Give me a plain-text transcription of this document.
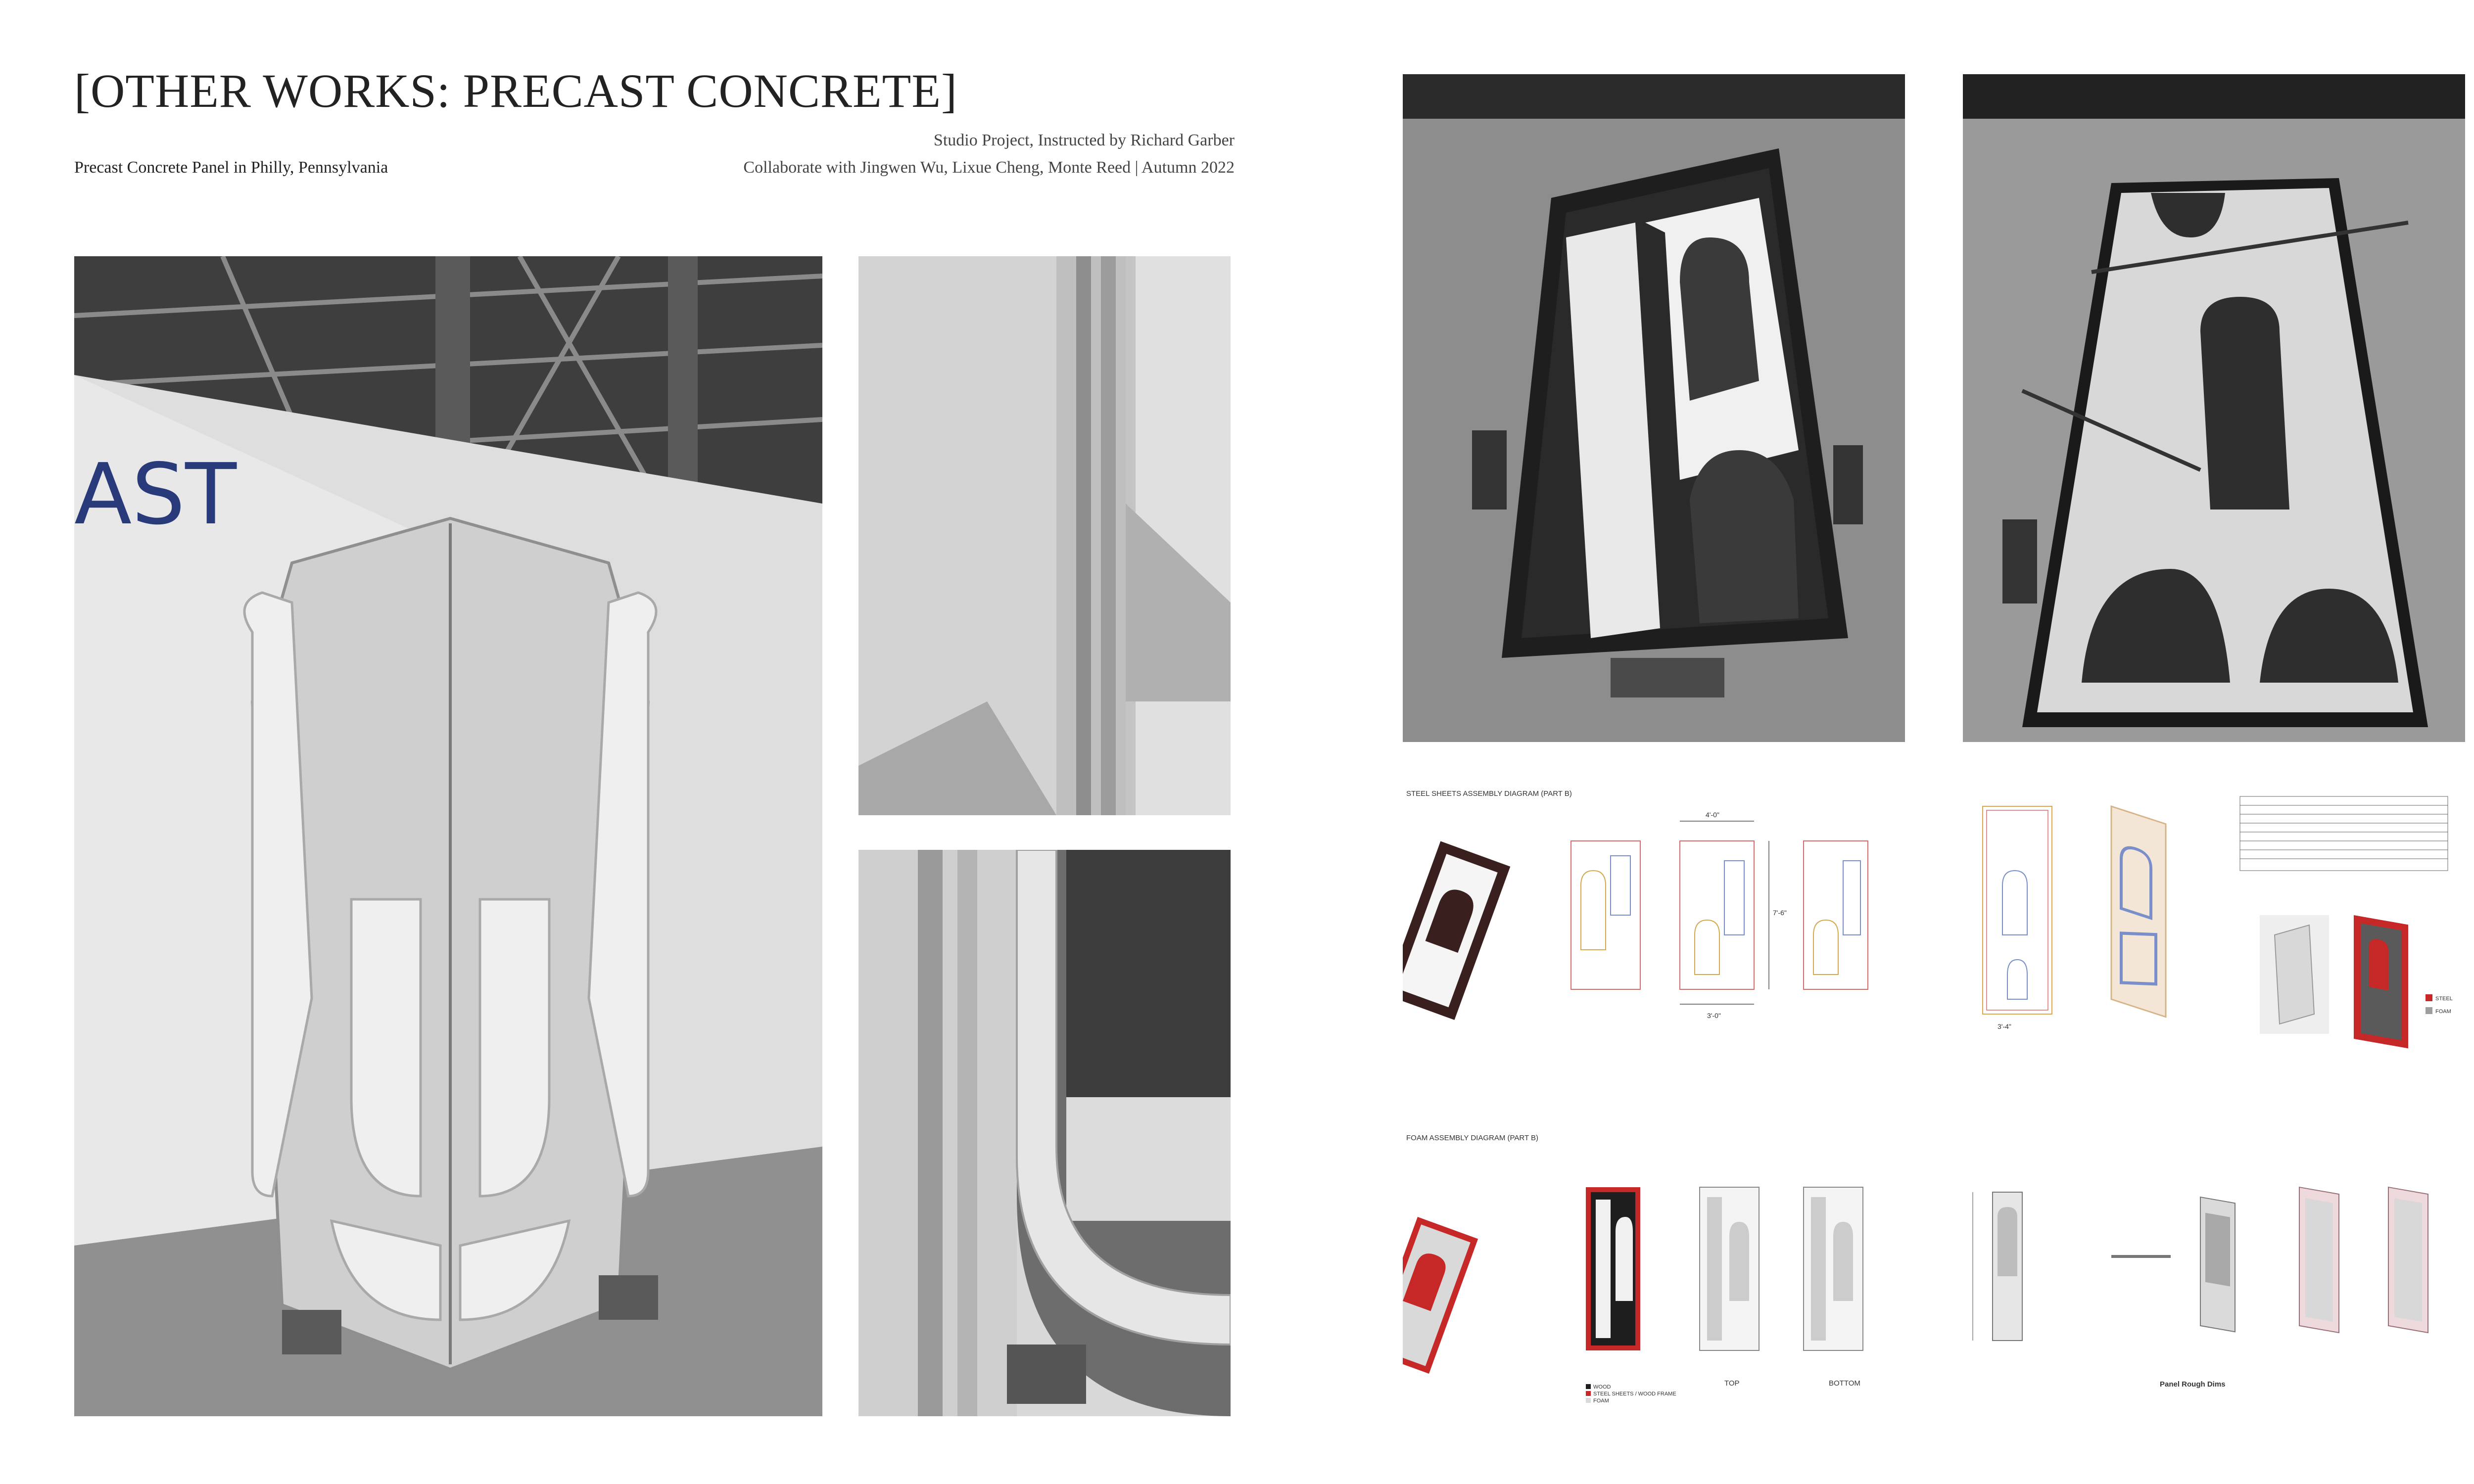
[OTHER WORKS: PRECAST CONCRETE]
Studio Project, Instructed by Richard Garber
Precast Concrete Panel in Philly, Pennsylvania	Collaborate with Jingwen Wu, Lixue Cheng, Monte Reed | Autumn 2022
AST
STEEL SHEETS ASSEMBLY DIAGRAM (PART B)
4'-0"
3'-0"
7'-6"
3'-4"
STEEL
FOAM
FOAM ASSEMBLY DIAGRAM (PART B)
WOOD
STEEL SHEETS / WOOD FRAME
FOAM
TOP	BOTTOM	Panel Rough Dims
